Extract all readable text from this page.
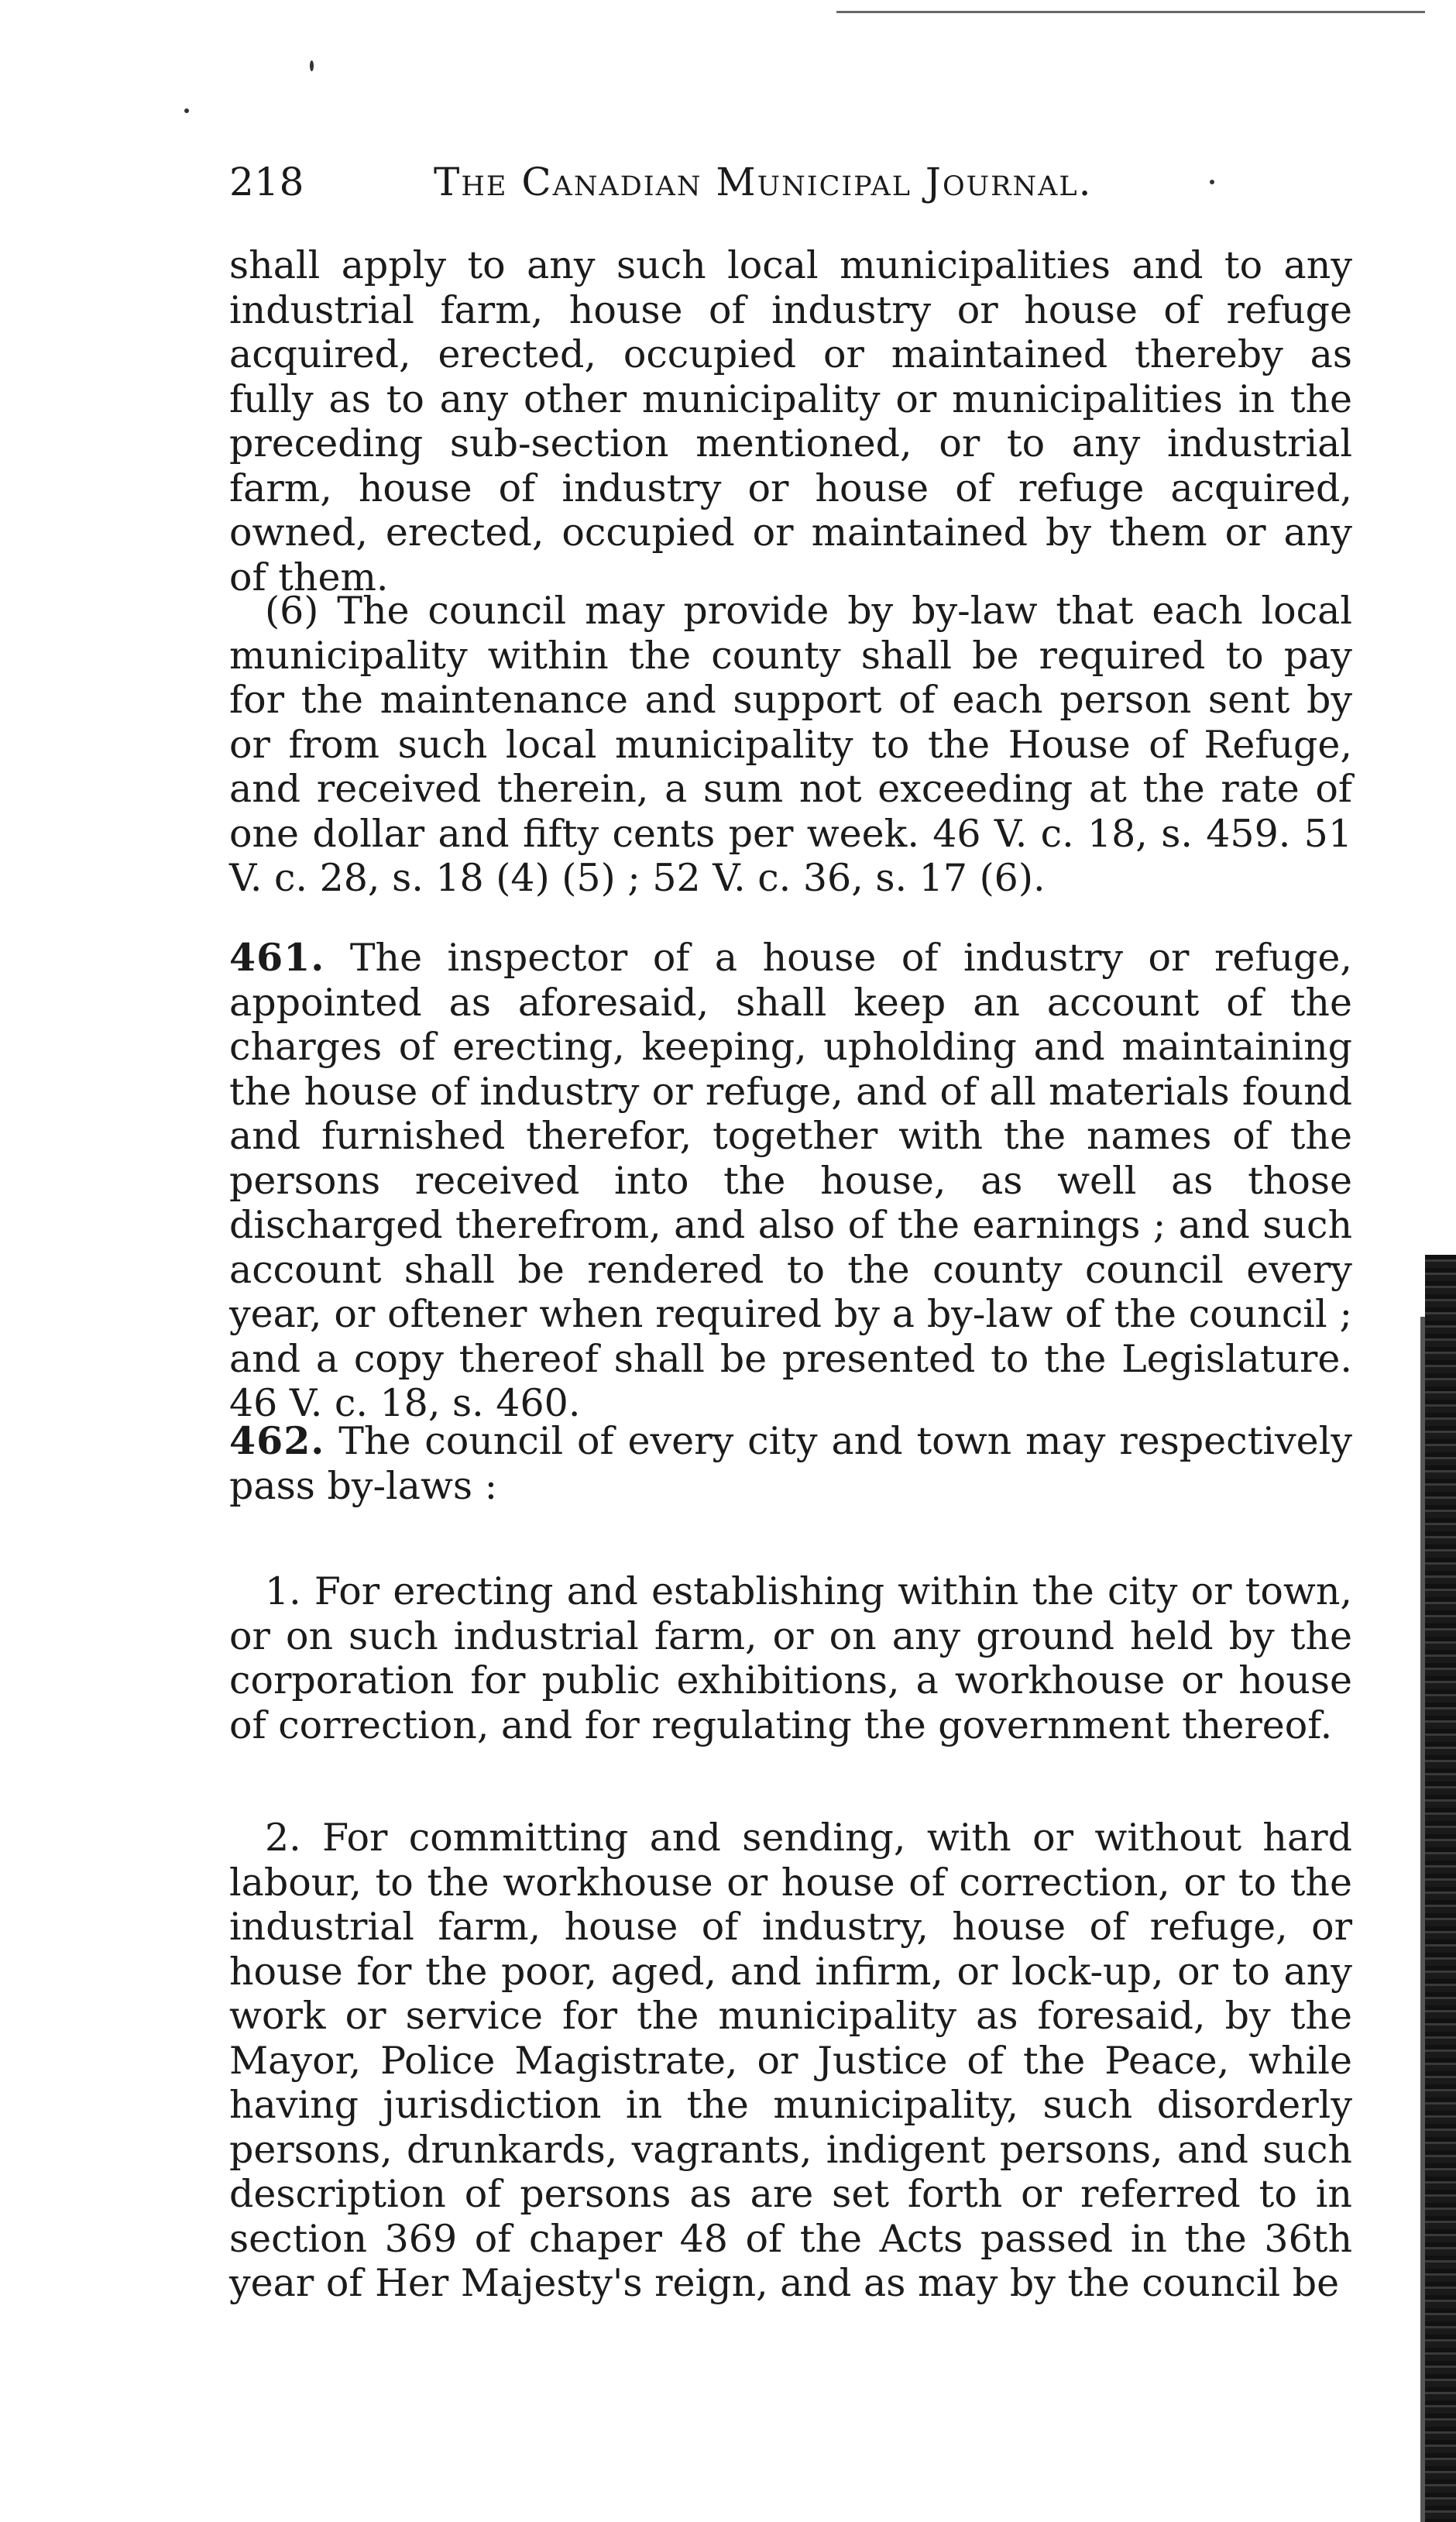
218	The Canadian Municipal Journal.

shall apply to any such local municipalities and to any industrial farm, house of industry or house of refuge acquired, erected, occupied or maintained thereby as fully as to any other municipality or municipalities in the preceding sub-section mentioned, or to any industrial farm, house of industry or house of refuge acquired, owned, erected, occupied or maintained by them or any of them.

(6) The council may provide by by-law that each local municipality within the county shall be required to pay for the maintenance and support of each person sent by or from such local municipality to the House of Refuge, and received therein, a sum not exceeding at the rate of one dollar and fifty cents per week. 46 V. c. 18, s. 459. 51 V. c. 28, s. 18 (4) (5) ; 52 V. c. 36, s. 17 (6).

461. The inspector of a house of industry or refuge, appointed as aforesaid, shall keep an account of the charges of erecting, keeping, upholding and maintaining the house of industry or refuge, and of all materials found and furnished therefor, together with the names of the persons received into the house, as well as those discharged therefrom, and also of the earnings ; and such account shall be rendered to the county council every year, or oftener when required by a by-law of the council ; and a copy thereof shall be presented to the Legislature. 46 V. c. 18, s. 460.

462. The council of every city and town may respectively pass by-laws :

1. For erecting and establishing within the city or town, or on such industrial farm, or on any ground held by the corporation for public exhibitions, a workhouse or house of correction, and for regulating the government thereof.

2. For committing and sending, with or without hard labour, to the workhouse or house of correction, or to the industrial farm, house of industry, house of refuge, or house for the poor, aged, and infirm, or lock-up, or to any work or service for the municipality as foresaid, by the Mayor, Police Magistrate, or Justice of the Peace, while having jurisdiction in the municipality, such disorderly persons, drunkards, vagrants, indigent persons, and such description of persons as are set forth or referred to in section 369 of chaper 48 of the Acts passed in the 36th year of Her Majesty's reign, and as may by the council be
